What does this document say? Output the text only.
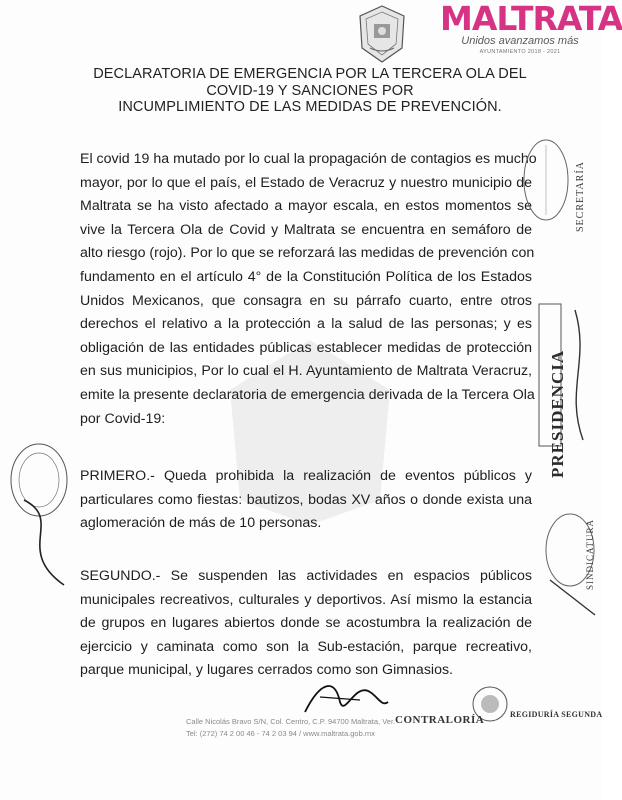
MALTRATA
Unidos avanzamos más
AYUNTAMIENTO 2018 - 2021
DECLARATORIA DE EMERGENCIA POR LA TERCERA OLA DEL
COVID-19 Y SANCIONES POR
INCUMPLIMIENTO DE LAS MEDIDAS DE PREVENCIÓN.
El covid 19 ha mutado por lo cual la propagación de contagios es mucho
mayor, por lo que el país, el Estado de Veracruz y nuestro municipio de
Maltrata se ha visto afectado a mayor escala, en estos momentos se
vive la Tercera Ola de Covid y Maltrata se encuentra en semáforo de
alto riesgo (rojo). Por lo que se reforzará las medidas de prevención con
fundamento en el artículo 4° de la Constitución Política de los Estados
Unidos Mexicanos, que consagra en su párrafo cuarto, entre otros
derechos el relativo a la protección a la salud de las personas; y es
obligación de las entidades públicas establecer medidas de protección
en sus municipios, Por lo cual el H. Ayuntamiento de Maltrata Veracruz,
emite la presente declaratoria de emergencia derivada de la Tercera Ola
por Covid-19:
PRIMERO.- Queda prohibida la realización de eventos públicos y
particulares como fiestas: bautizos, bodas XV años o donde exista una
aglomeración de más de 10 personas.
SEGUNDO.- Se suspenden las actividades en espacios públicos
municipales recreativos, culturales y deportivos. Así mismo la estancia
de grupos en lugares abiertos donde se acostumbra la realización de
ejercicio y caminata como son la Sub-estación, parque recreativo,
parque municipal, y lugares cerrados como son Gimnasios.
SECRETARÍA
PRESIDENCIA
SINDICATURA
CONTRALORÍA	REGIDURÍA SEGUNDA
Calle Nicolás Bravo S/N, Col. Centro, C.P. 94700 Maltrata, Ver.
Tel: (272) 74 2 00 46 - 74 2 03 94 / www.maltrata.gob.mx
